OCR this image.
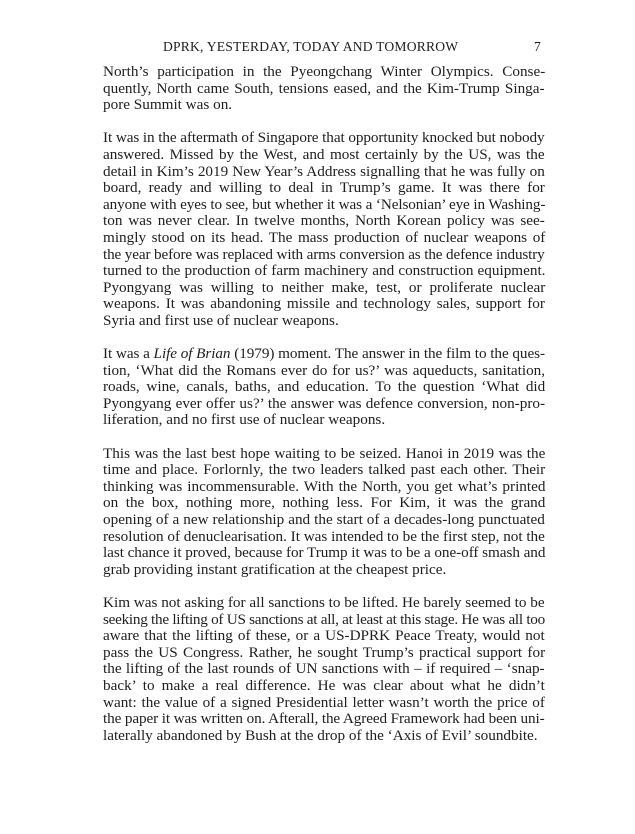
DPRK, YESTERDAY, TODAY AND TOMORROW	7

North’s participation in the Pyeongchang Winter Olympics. Conse-
quently, North came South, tensions eased, and the Kim-Trump Singa-
pore Summit was on.

It was in the aftermath of Singapore that opportunity knocked but nobody
answered. Missed by the West, and most certainly by the US, was the
detail in Kim’s 2019 New Year’s Address signalling that he was fully on
board, ready and willing to deal in Trump’s game. It was there for
anyone with eyes to see, but whether it was a ‘Nelsonian’ eye in Washing-
ton was never clear. In twelve months, North Korean policy was see-
mingly stood on its head. The mass production of nuclear weapons of
the year before was replaced with arms conversion as the defence industry
turned to the production of farm machinery and construction equipment.
Pyongyang was willing to neither make, test, or proliferate nuclear
weapons. It was abandoning missile and technology sales, support for
Syria and first use of nuclear weapons.

It was a Life of Brian (1979) moment. The answer in the film to the ques-
tion, ‘What did the Romans ever do for us?’ was aqueducts, sanitation,
roads, wine, canals, baths, and education. To the question ‘What did
Pyongyang ever offer us?’ the answer was defence conversion, non-pro-
liferation, and no first use of nuclear weapons.

This was the last best hope waiting to be seized. Hanoi in 2019 was the
time and place. Forlornly, the two leaders talked past each other. Their
thinking was incommensurable. With the North, you get what’s printed
on the box, nothing more, nothing less. For Kim, it was the grand
opening of a new relationship and the start of a decades-long punctuated
resolution of denuclearisation. It was intended to be the first step, not the
last chance it proved, because for Trump it was to be a one-off smash and
grab providing instant gratification at the cheapest price.

Kim was not asking for all sanctions to be lifted. He barely seemed to be
seeking the lifting of US sanctions at all, at least at this stage. He was all too
aware that the lifting of these, or a US-DPRK Peace Treaty, would not
pass the US Congress. Rather, he sought Trump’s practical support for
the lifting of the last rounds of UN sanctions with – if required – ‘snap-
back’ to make a real difference. He was clear about what he didn’t
want: the value of a signed Presidential letter wasn’t worth the price of
the paper it was written on. Afterall, the Agreed Framework had been uni-
laterally abandoned by Bush at the drop of the ‘Axis of Evil’ soundbite.
